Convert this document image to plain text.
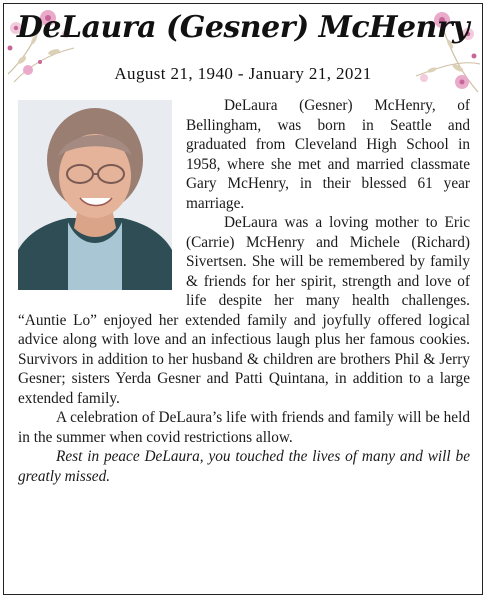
DeLaura (Gesner) McHenry
August 21, 1940 - January 21, 2021

DeLaura (Gesner) McHenry, of Bellingham, was born in Seattle and graduated from Cleveland High School in 1958, where she met and married classmate Gary McHenry, in their blessed 61 year marriage.

DeLaura was a loving mother to Eric (Carrie) McHenry and Michele (Richard) Sivertsen. She will be remembered by family & friends for her spirit, strength and love of life despite her many health challenges. “Auntie Lo” enjoyed her extended family and joyfully offered logical advice along with love and an infectious laugh plus her famous cookies. Survivors in addition to her husband & children are brothers Phil & Jerry Gesner; sisters Yerda Gesner and Patti Quintana, in addition to a large extended family.

A celebration of DeLaura’s life with friends and family will be held in the summer when covid restrictions allow.

Rest in peace DeLaura, you touched the lives of many and will be greatly missed.
